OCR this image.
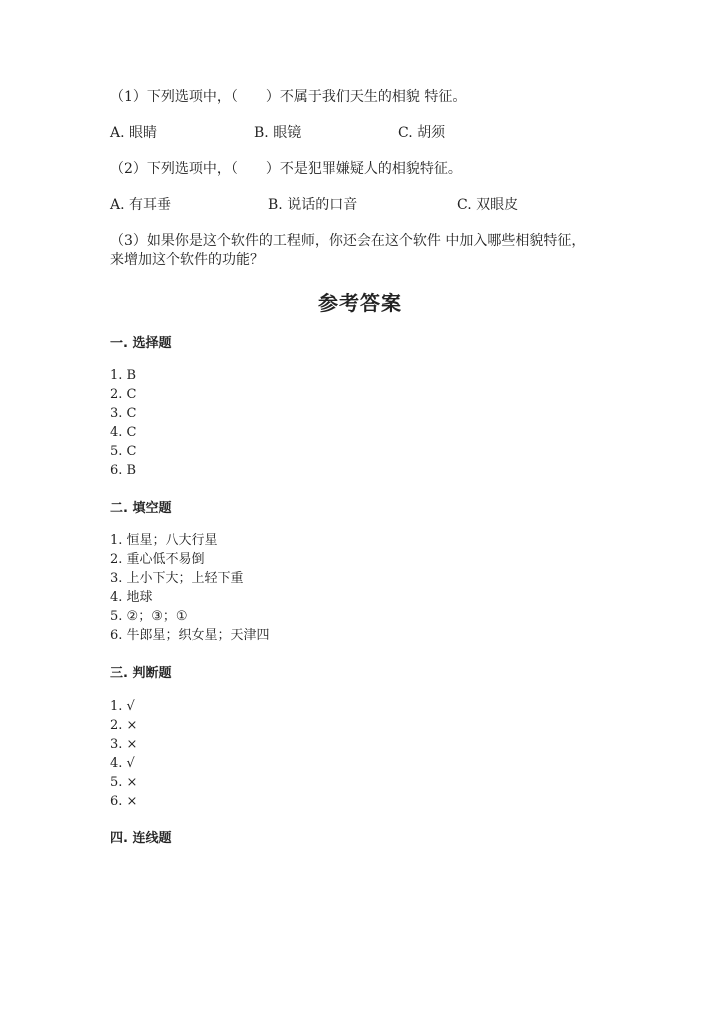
（1）下列选项中，（　　）不属于我们天生的相貌 特征。
A. 眼睛	B. 眼镜	C. 胡须
（2）下列选项中，（　　）不是犯罪嫌疑人的相貌特征。
A. 有耳垂	B. 说话的口音	C. 双眼皮
（3）如果你是这个软件的工程师，你还会在这个软件 中加入哪些相貌特征，
来增加这个软件的功能？
参考答案
一. 选择题
1. B
2. C
3. C
4. C
5. C
6. B
二. 填空题
1. 恒星；八大行星
2. 重心低不易倒
3. 上小下大；上轻下重
4. 地球
5. ②；③；①
6. 牛郎星；织女星；天津四
三. 判断题
1. √
2. ×
3. ×
4. √
5. ×
6. ×
四. 连线题
